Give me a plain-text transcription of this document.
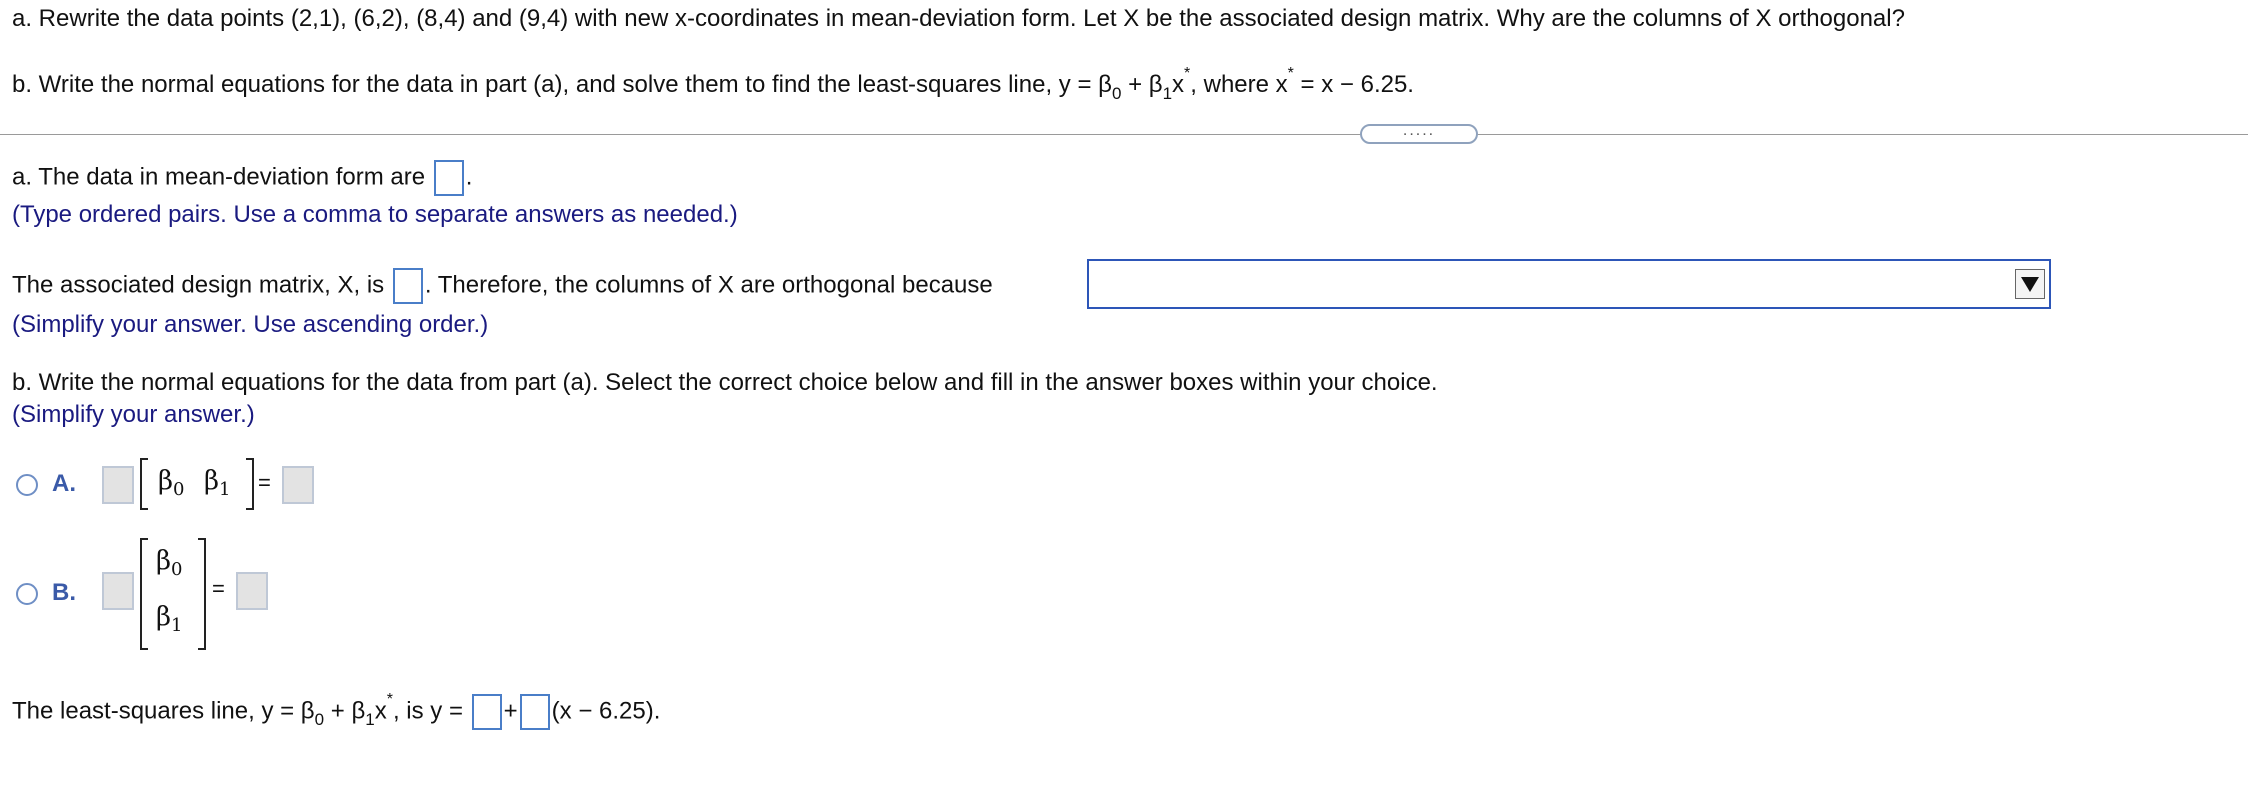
a. Rewrite the data points (2,1), (6,2), (8,4) and (9,4) with new x-coordinates in mean-deviation form. Let X be the associated design matrix. Why are the columns of X orthogonal?
b. Write the normal equations for the data in part (a), and solve them to find the least-squares line, $y = \beta_0 + \beta_1x^*$, where x* = x − 6.25.
.....
a. The data in mean-deviation form are .
(Type ordered pairs. Use a comma to separate answers as needed.)
The associated design matrix, X, is . Therefore, the columns of X are orthogonal because
(Simplify your answer. Use ascending order.)
b. Write the normal equations for the data from part (a). Select the correct choice below and fill in the answer boxes within your choice.
(Simplify your answer.)
A.	$\beta_0$ $\beta_1$ =
B.
$\beta_0$
$\beta_1$
=
The least-squares line, $y = \beta_0 + \beta_1x^*$, is y = + (x − 6.25).
